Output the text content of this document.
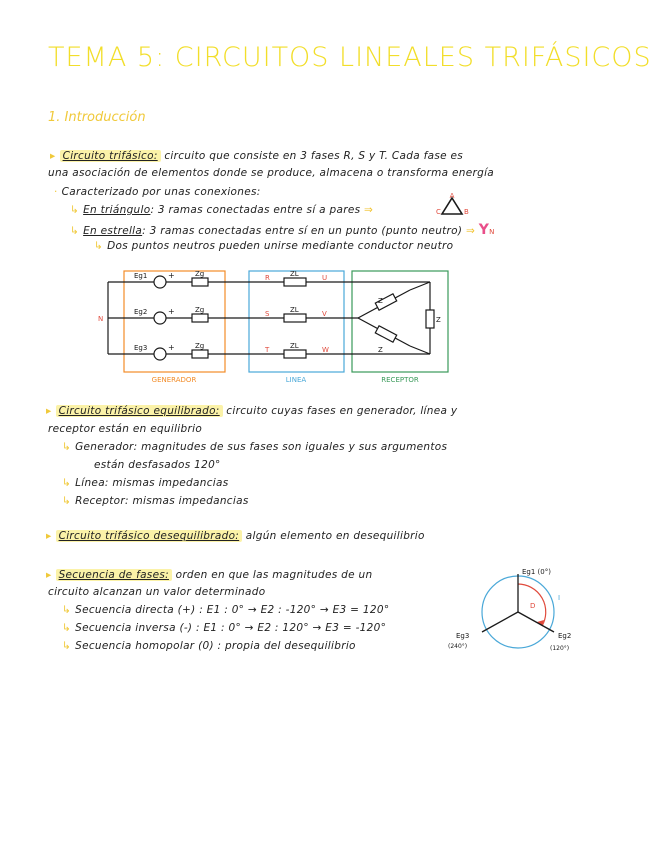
TEMA 5: CIRCUITOS LINEALES TRIFÁSICOS
1. Introducción
▸ Circuito trifásico: circuito que consiste en 3 fases R, S y T. Cada fase es
una asociación de elementos donde se produce, almacena o transforma energía
· Caracterizado por unas conexiones:
↳ En triángulo: 3 ramas conectadas entre sí a pares ⇒
A
C	B
↳ En estrella: 3 ramas conectadas entre sí en un punto (punto neutro) ⇒ YN
↳ Dos puntos neutros pueden unirse mediante conductor neutro
N
Eg1
Eg2
Eg3
+
+
+
Zg
Zg
Zg
ZL
ZL
ZL
Z
Z
Z
R
S
T
U
V
W
GENERADOR	LINEA	RECEPTOR
▸ Circuito trifásico equilibrado: circuito cuyas fases en generador, línea y
receptor están en equilibrio
↳ Generador: magnitudes de sus fases son iguales y sus argumentos
están desfasados 120°
↳ Línea: mismas impedancias
↳ Receptor: mismas impedancias
▸ Circuito trifásico desequilibrado: algún elemento en desequilibrio
▸ Secuencia de fases: orden en que las magnitudes de un
circuito alcanzan un valor determinado
↳ Secuencia directa (+) : E1 : 0° → E2 : -120° → E3 = 120°
↳ Secuencia inversa (-) : E1 : 0° → E2 : 120° → E3 = -120°
↳ Secuencia homopolar (0) : propia del desequilibrio
Eg1 (0°)
Eg3
(240°)
Eg2
(120°)
D
I
